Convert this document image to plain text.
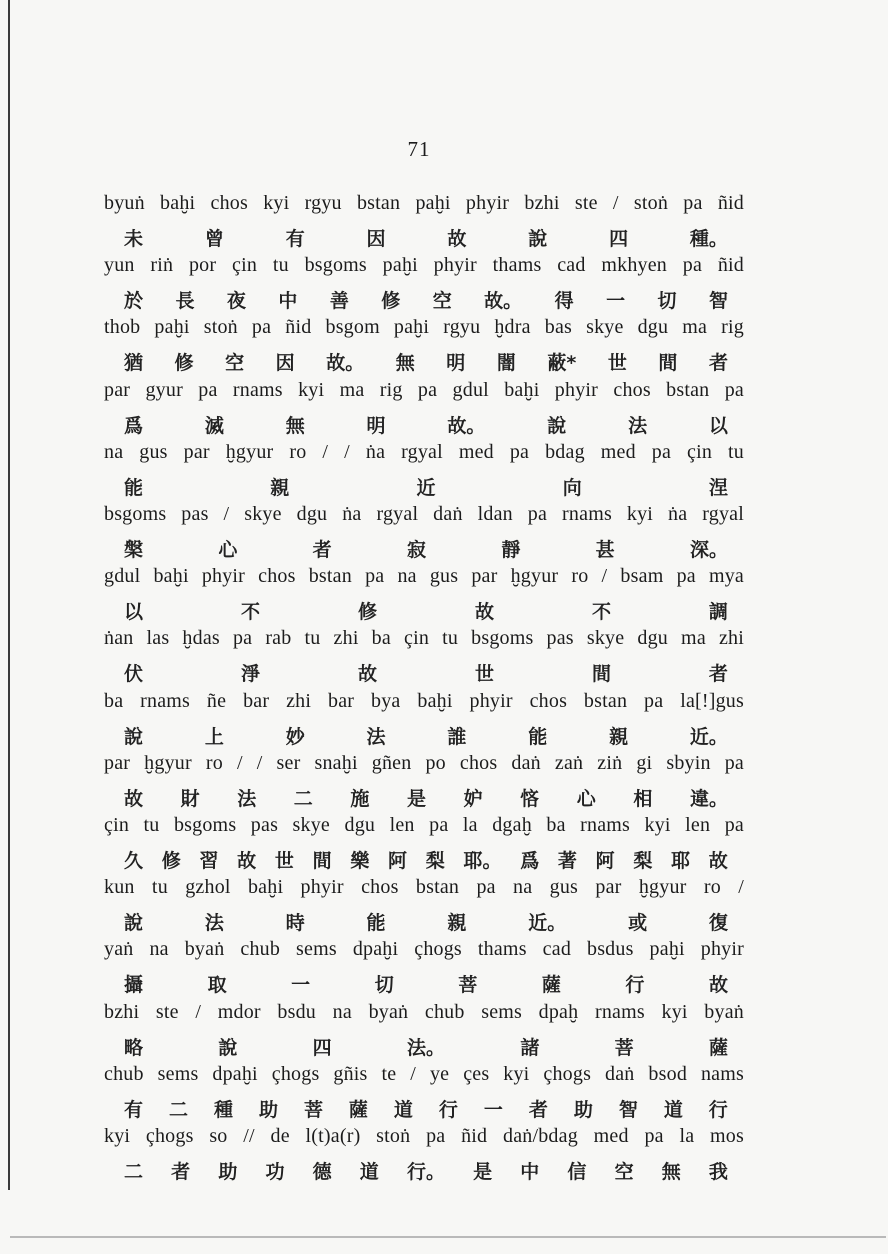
71
byuṅ baḫi chos kyi rgyu bstan paḫi phyir bzhi ste / stoṅ pa ñid
未	曾	有	因	故	說	四	種。
yun riṅ por çin tu bsgoms paḫi phyir thams cad mkhyen pa ñid
於 長 夜 中 善 修 空 故。 得 一 切 智
thob paḫi stoṅ pa ñid bsgom paḫi rgyu ḫdra bas skye dgu ma rig
猶 修 空 因 故。 無 明 闇 蔽* 世 間 者
par gyur pa rnams kyi ma rig pa gdul baḫi phyir chos bstan pa
爲	滅	無	明	故。	說	法	以
na gus par ḫgyur ro / / ṅa rgyal med pa bdag med pa çin tu
能	親	近	向	涅
bsgoms pas / skye dgu ṅa rgyal daṅ ldan pa rnams kyi ṅa rgyal
槃	心	者	寂	靜	甚	深。
gdul baḫi phyir chos bstan pa na gus par ḫgyur ro / bsam pa mya
以	不	修	故	不	調
ṅan las ḫdas pa rab tu zhi ba çin tu bsgoms pas skye dgu ma zhi
伏	淨	故	世	間	者
ba rnams ñe bar zhi bar bya baḫi phyir chos bstan pa la[!]gus
說	上	妙	法	誰	能	親	近。
par ḫgyur ro / / ser snaḫi gñen po chos daṅ zaṅ ziṅ gi sbyin pa
故 財 法 二 施 是 妒 悋 心 相 違。
çin tu bsgoms pas skye dgu len pa la dgaḫ ba rnams kyi len pa
久 修 習 故 世 間 樂 阿 梨 耶。 爲 著 阿 梨 耶 故
kun tu gzhol baḫi phyir chos bstan pa na gus par ḫgyur ro /
說	法	時	能	親	近。	或	復
yaṅ na byaṅ chub sems dpaḫi çhogs thams cad bsdus paḫi phyir
攝	取	一	切	菩	薩	行	故
bzhi ste / mdor bsdu na byaṅ chub sems dpaḫ rnams kyi byaṅ
略	說	四	法。	諸	菩	薩
chub sems dpaḫi çhogs gñis te / ye çes kyi çhogs daṅ bsod nams
有 二 種 助 菩 薩 道 行 一 者 助 智 道 行
kyi çhogs so // de l(t)a(r) stoṅ pa ñid daṅ/bdag med pa la mos
二 者 助 功 德 道 行。 是 中 信 空 無 我
